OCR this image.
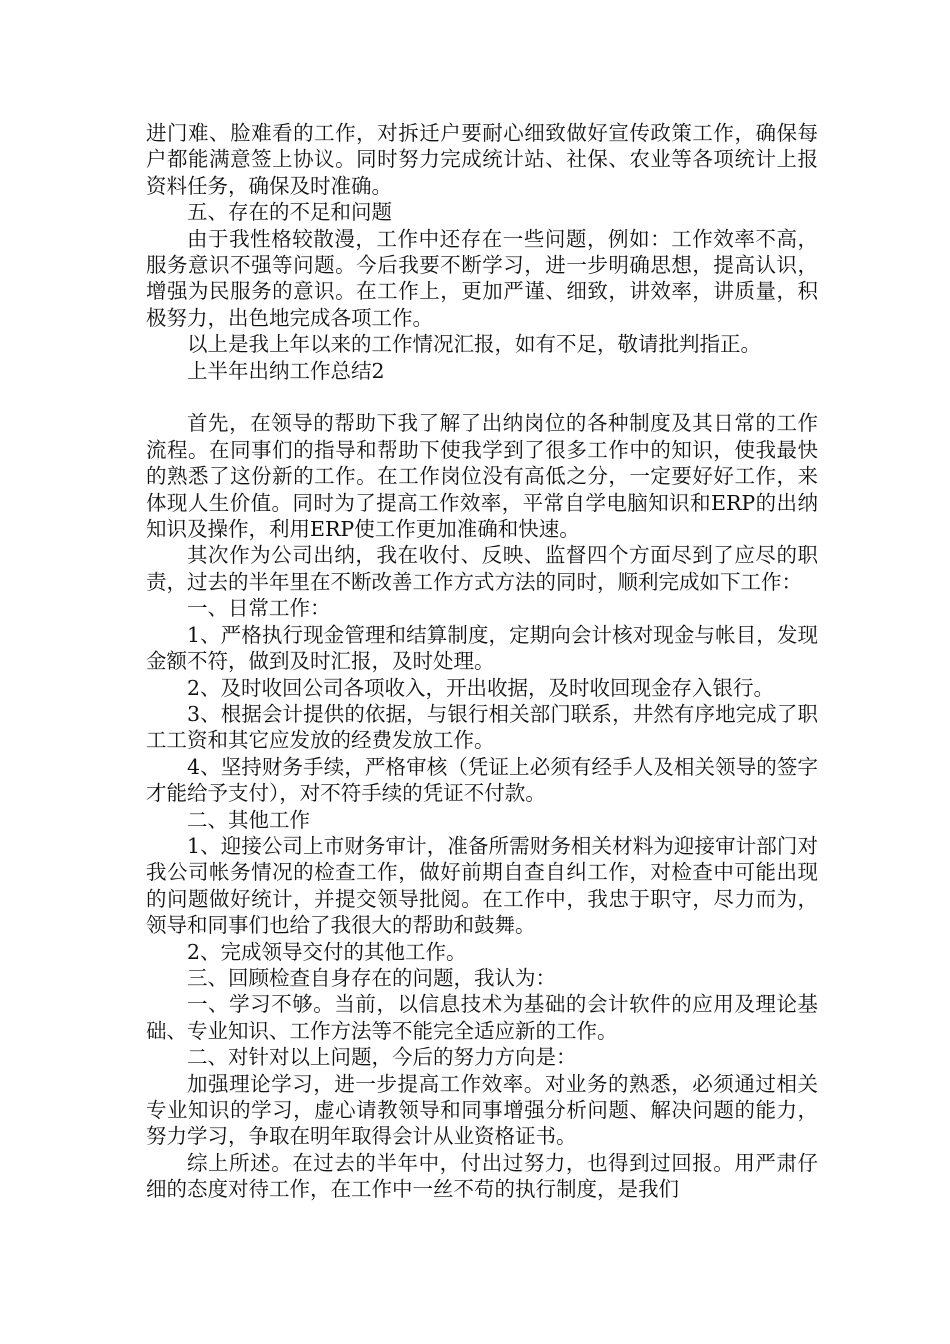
进门难、脸难看的工作，对拆迁户要耐心细致做好宣传政策工作，确保每户都能满意签上协议。同时努力完成统计站、社保、农业等各项统计上报资料任务，确保及时准确。

五、存在的不足和问题

由于我性格较散漫，工作中还存在一些问题，例如：工作效率不高，服务意识不强等问题。今后我要不断学习，进一步明确思想，提高认识，增强为民服务的意识。在工作上，更加严谨、细致，讲效率，讲质量，积极努力，出色地完成各项工作。

以上是我上年以来的工作情况汇报，如有不足，敬请批判指正。

上半年出纳工作总结2

首先，在领导的帮助下我了解了出纳岗位的各种制度及其日常的工作流程。在同事们的指导和帮助下使我学到了很多工作中的知识，使我最快的熟悉了这份新的工作。在工作岗位没有高低之分，一定要好好工作，来体现人生价值。同时为了提高工作效率，平常自学电脑知识和ERP的出纳知识及操作，利用ERP使工作更加准确和快速。

其次作为公司出纳，我在收付、反映、监督四个方面尽到了应尽的职责，过去的半年里在不断改善工作方式方法的同时，顺利完成如下工作：

一、日常工作：

1、严格执行现金管理和结算制度，定期向会计核对现金与帐目，发现金额不符，做到及时汇报，及时处理。

2、及时收回公司各项收入，开出收据，及时收回现金存入银行。

3、根据会计提供的依据，与银行相关部门联系，井然有序地完成了职工工资和其它应发放的经费发放工作。

4、坚持财务手续，严格审核（凭证上必须有经手人及相关领导的签字才能给予支付），对不符手续的凭证不付款。

二、其他工作

1、迎接公司上市财务审计，准备所需财务相关材料为迎接审计部门对我公司帐务情况的检查工作，做好前期自查自纠工作，对检查中可能出现的问题做好统计，并提交领导批阅。在工作中，我忠于职守，尽力而为，领导和同事们也给了我很大的帮助和鼓舞。

2、完成领导交付的其他工作。

三、回顾检查自身存在的问题，我认为：

一、学习不够。当前，以信息技术为基础的会计软件的应用及理论基础、专业知识、工作方法等不能完全适应新的工作。

二、对针对以上问题，今后的努力方向是：

加强理论学习，进一步提高工作效率。对业务的熟悉，必须通过相关专业知识的学习，虚心请教领导和同事增强分析问题、解决问题的能力，努力学习，争取在明年取得会计从业资格证书。

综上所述。在过去的半年中，付出过努力，也得到过回报。用严肃仔细的态度对待工作，在工作中一丝不苟的执行制度，是我们
